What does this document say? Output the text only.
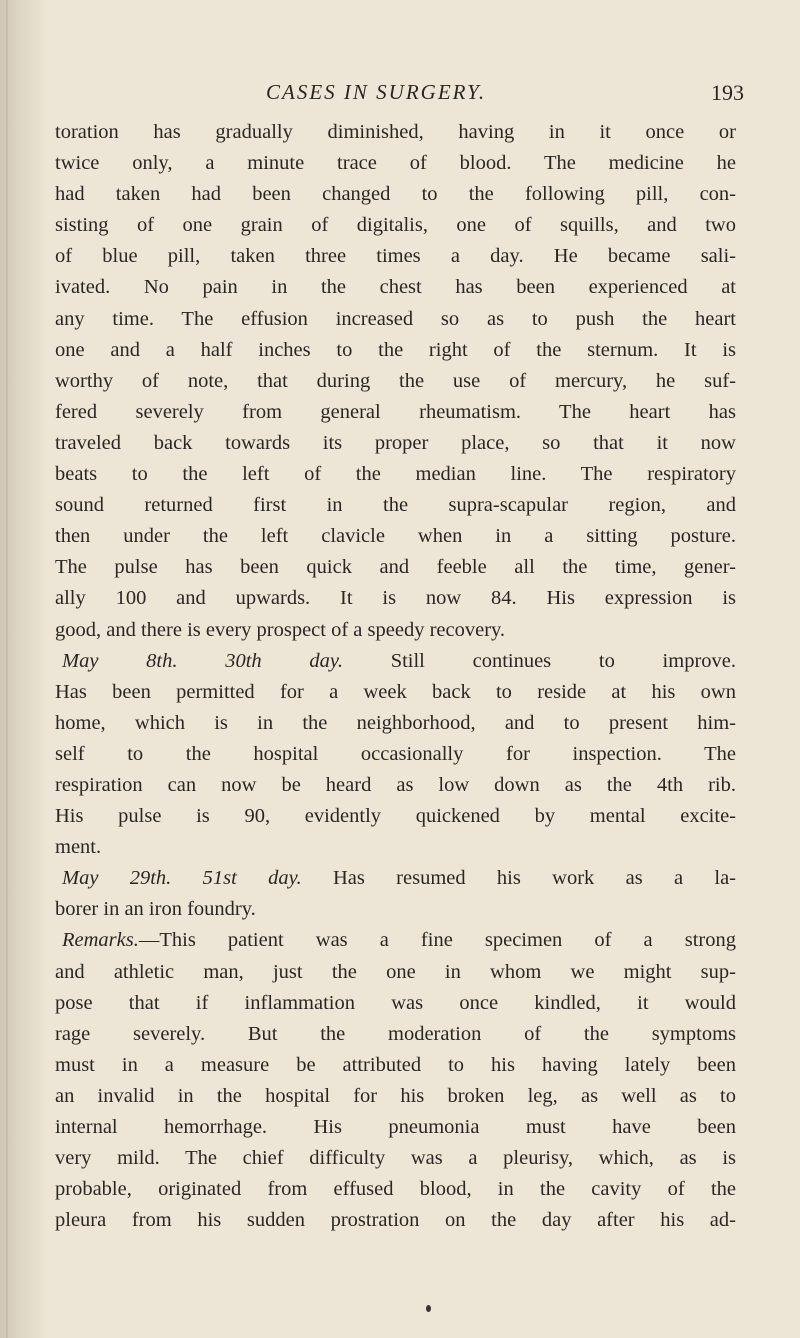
CASES IN SURGERY.	193
toration has gradually diminished, having in it once or
twice only, a minute trace of blood. The medicine he
had taken had been changed to the following pill, con-
sisting of one grain of digitalis, one of squills, and two
of blue pill, taken three times a day. He became sali-
ivated. No pain in the chest has been experienced at
any time. The effusion increased so as to push the heart
one and a half inches to the right of the sternum. It is
worthy of note, that during the use of mercury, he suf-
fered severely from general rheumatism. The heart has
traveled back towards its proper place, so that it now
beats to the left of the median line. The respiratory
sound returned first in the supra-scapular region, and
then under the left clavicle when in a sitting posture.
The pulse has been quick and feeble all the time, gener-
ally 100 and upwards. It is now 84. His expression is
good, and there is every prospect of a speedy recovery.
May 8th. 30th day. Still continues to improve.
Has been permitted for a week back to reside at his own
home, which is in the neighborhood, and to present him-
self to the hospital occasionally for inspection. The
respiration can now be heard as low down as the 4th rib.
His pulse is 90, evidently quickened by mental excite-
ment.
May 29th. 51st day. Has resumed his work as a la-
borer in an iron foundry.
Remarks.—This patient was a fine specimen of a strong
and athletic man, just the one in whom we might sup-
pose that if inflammation was once kindled, it would
rage severely. But the moderation of the symptoms
must in a measure be attributed to his having lately been
an invalid in the hospital for his broken leg, as well as to
internal hemorrhage. His pneumonia must have been
very mild. The chief difficulty was a pleurisy, which, as is
probable, originated from effused blood, in the cavity of the
pleura from his sudden prostration on the day after his ad-
